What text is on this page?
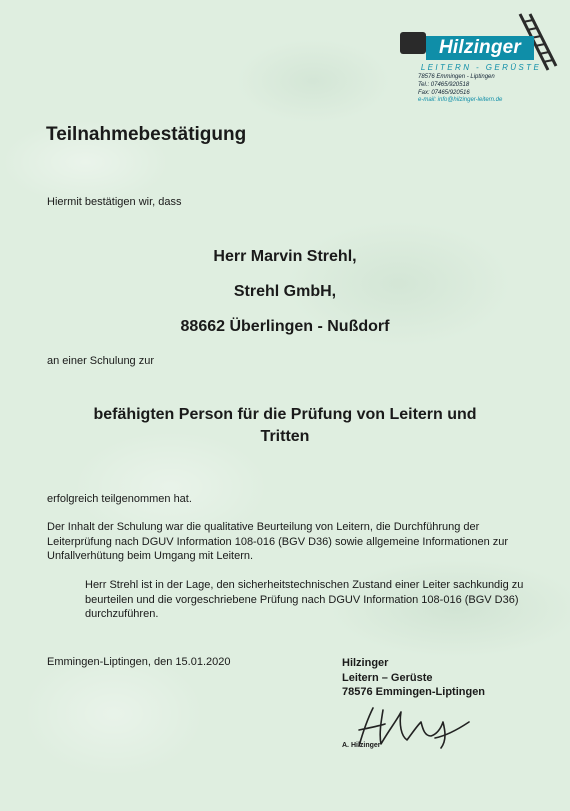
Hilzinger
LEITERN - GERÜSTE
78576 Emmingen - Liptingen
Tel.: 07465/920518
Fax: 07465/920516
e-mail: info@hilzinger-leitern.de
Teilnahmebestätigung
Hiermit bestätigen wir, dass
Herr Marvin Strehl,
Strehl GmbH,
88662 Überlingen - Nußdorf
an einer Schulung zur
befähigten Person für die Prüfung von Leitern und
Tritten
erfolgreich teilgenommen hat.
Der Inhalt der Schulung war die qualitative Beurteilung von Leitern, die Durchführung der Leiterprüfung nach DGUV Information 108-016 (BGV D36) sowie allgemeine Informationen zur Unfallverhütung beim Umgang mit Leitern.
Herr Strehl ist in der Lage, den sicherheitstechnischen Zustand einer Leiter sachkundig zu beurteilen und die vorgeschriebene Prüfung nach DGUV Information 108-016 (BGV D36) durchzuführen.
Emmingen-Liptingen, den 15.01.2020	Hilzinger
Leitern – Gerüste
78576 Emmingen-Liptingen
A. Hilzinger
